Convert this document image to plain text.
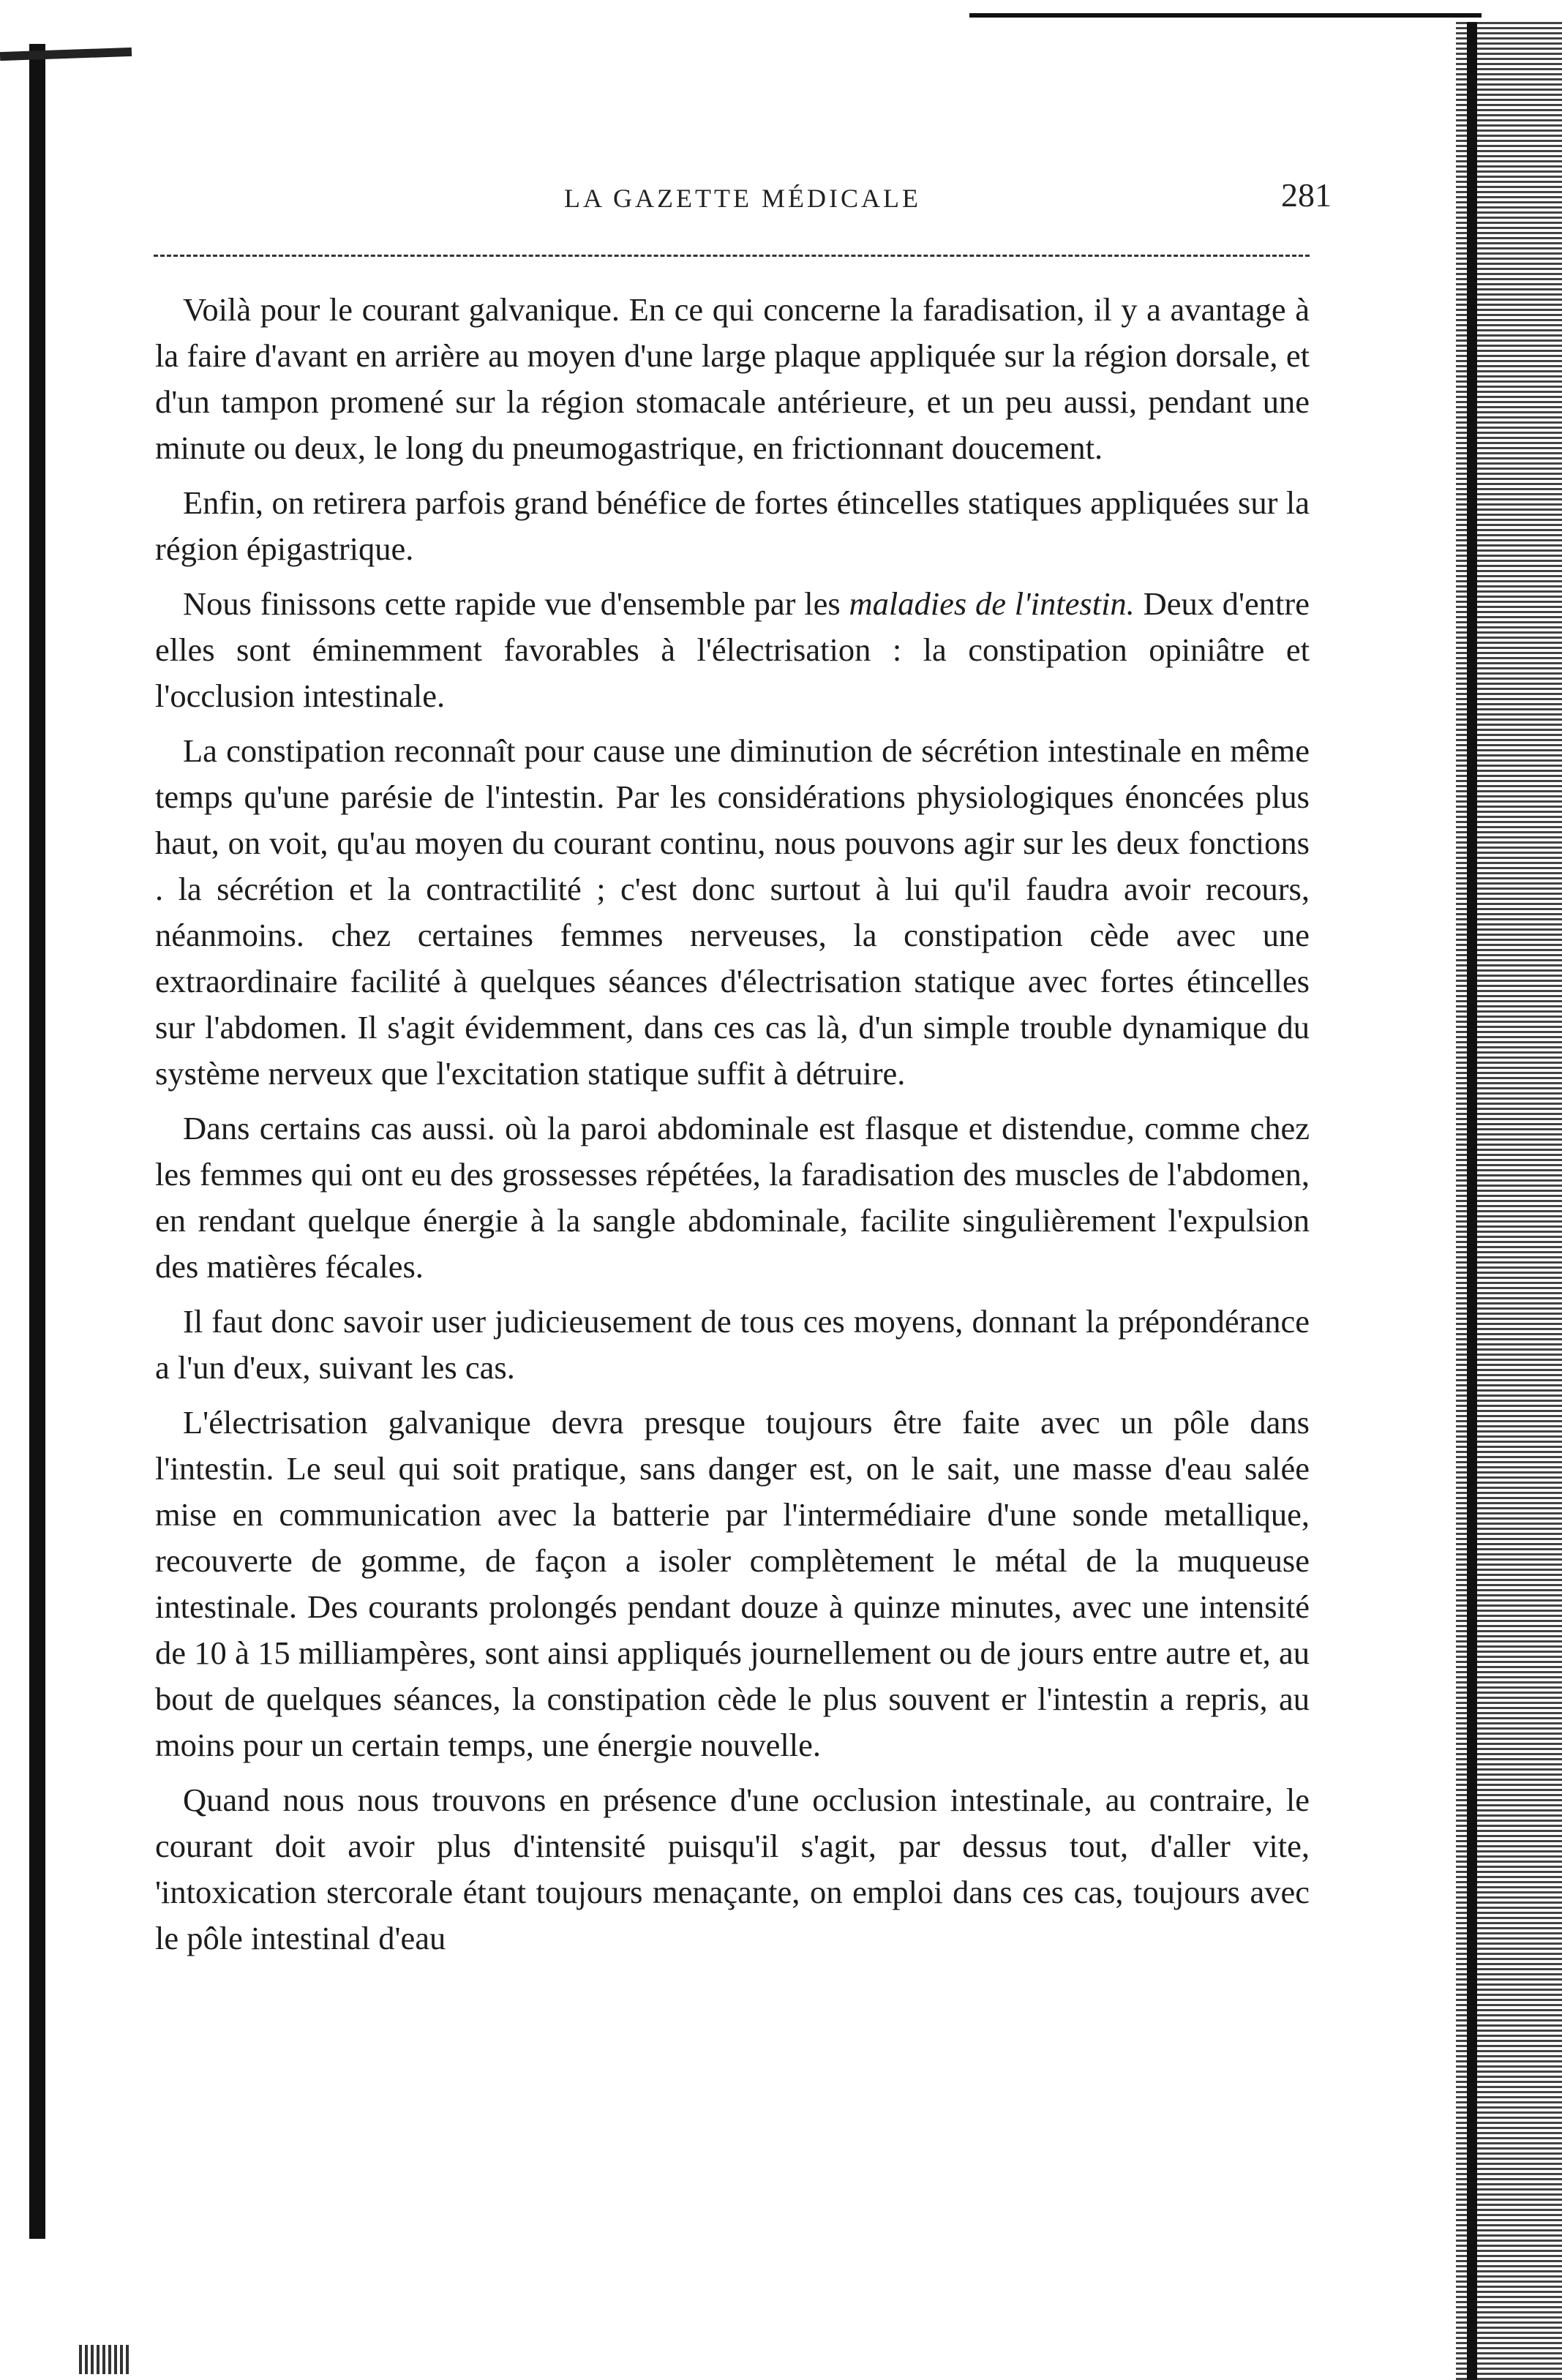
LA GAZETTE MÉDICALE	281

Voilà pour le courant galvanique. En ce qui concerne la faradisation, il y a avantage à la faire d'avant en arrière au moyen d'une large plaque appliquée sur la région dorsale, et d'un tampon promené sur la région stomacale antérieure, et un peu aussi, pendant une minute ou deux, le long du pneumogastrique, en frictionnant doucement.

Enfin, on retirera parfois grand bénéfice de fortes étincelles statiques appliquées sur la région épigastrique.

Nous finissons cette rapide vue d'ensemble par les maladies de l'intestin. Deux d'entre elles sont éminemment favorables à l'électrisation : la constipation opiniâtre et l'occlusion intestinale.

La constipation reconnaît pour cause une diminution de sécrétion intestinale en même temps qu'une parésie de l'intestin. Par les considérations physiologiques énoncées plus haut, on voit, qu'au moyen du courant continu, nous pouvons agir sur les deux fonctions . la sécrétion et la contractilité ; c'est donc surtout à lui qu'il faudra avoir recours, néanmoins. chez certaines femmes nerveuses, la constipation cède avec une extraordinaire facilité à quelques séances d'électrisation statique avec fortes étincelles sur l'abdomen. Il s'agit évidemment, dans ces cas là, d'un simple trouble dynamique du système nerveux que l'excitation statique suffit à détruire.

Dans certains cas aussi. où la paroi abdominale est flasque et distendue, comme chez les femmes qui ont eu des grossesses répétées, la faradisation des muscles de l'abdomen, en rendant quelque énergie à la sangle abdominale, facilite singulièrement l'expulsion des matières fécales.

Il faut donc savoir user judicieusement de tous ces moyens, donnant la prépondérance a l'un d'eux, suivant les cas.

L'électrisation galvanique devra presque toujours être faite avec un pôle dans l'intestin. Le seul qui soit pratique, sans danger est, on le sait, une masse d'eau salée mise en communication avec la batterie par l'intermédiaire d'une sonde metallique, recouverte de gomme, de façon a isoler complètement le métal de la muqueuse intestinale. Des courants prolongés pendant douze à quinze minutes, avec une intensité de 10 à 15 milliampères, sont ainsi appliqués journellement ou de jours entre autre et, au bout de quelques séances, la constipation cède le plus souvent er l'intestin a repris, au moins pour un certain temps, une énergie nouvelle.

Quand nous nous trouvons en présence d'une occlusion intestinale, au contraire, le courant doit avoir plus d'intensité puisqu'il s'agit, par dessus tout, d'aller vite, 'intoxication stercorale étant toujours menaçante, on emploi dans ces cas, toujours avec le pôle intestinal d'eau
